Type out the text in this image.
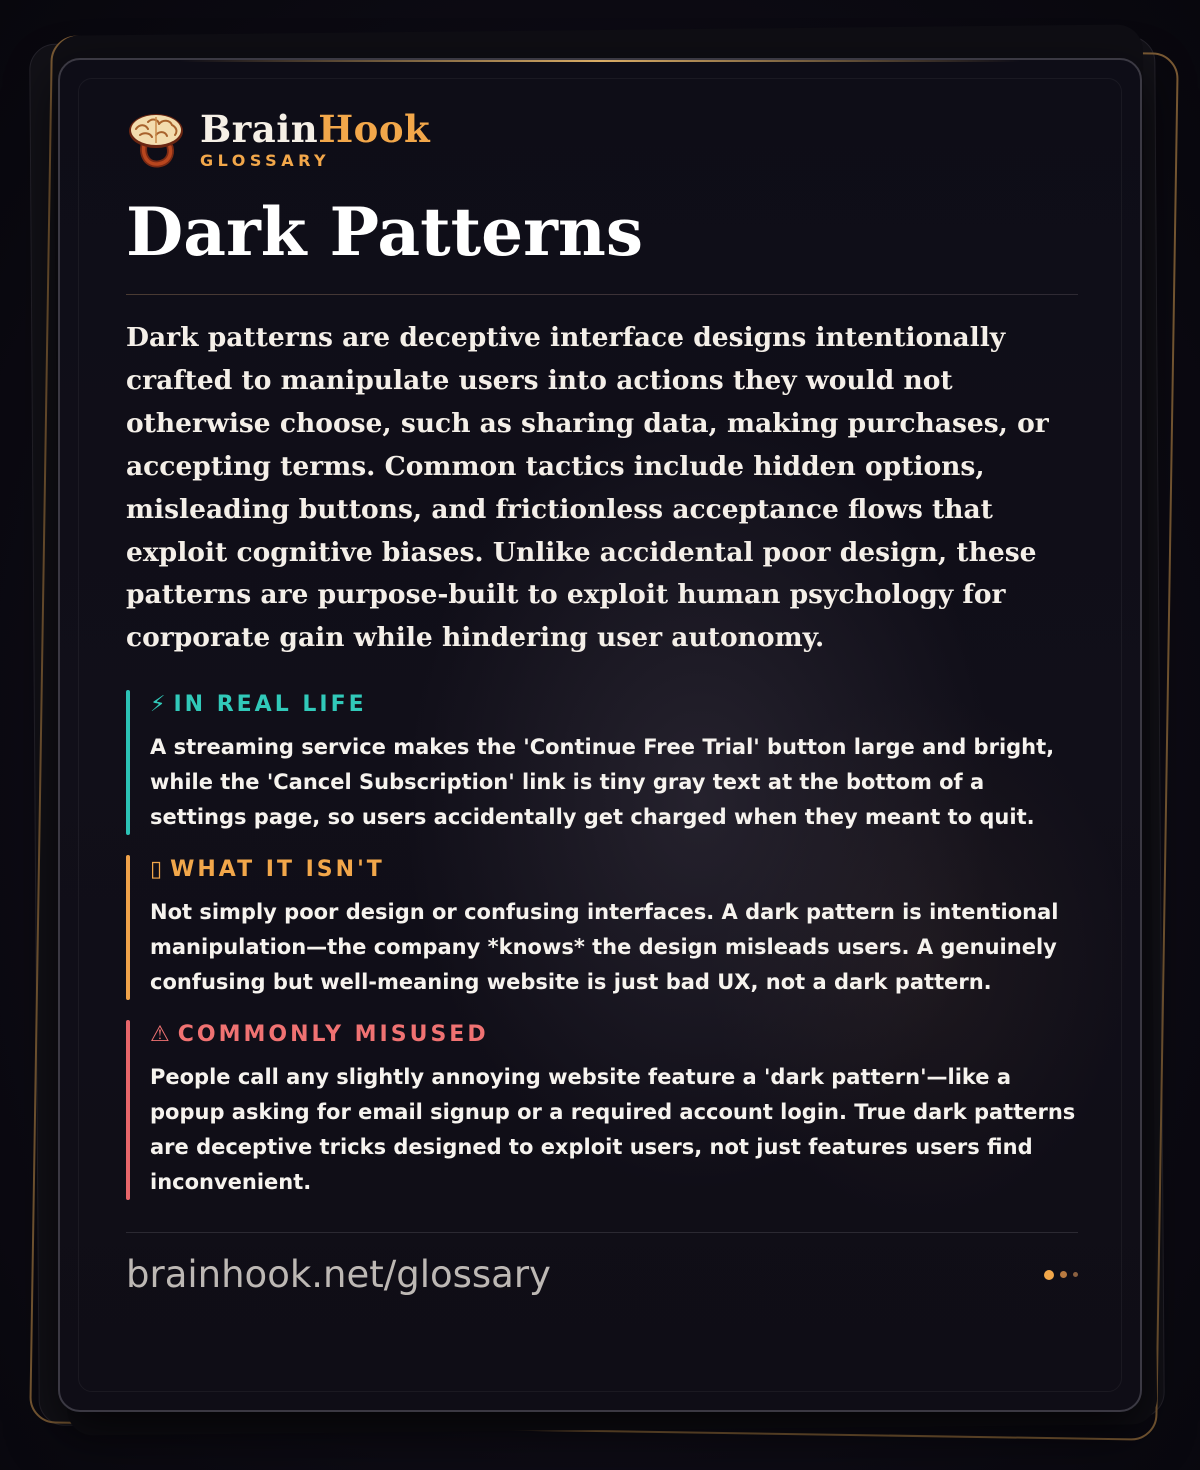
BrainHook
GLOSSARY
Dark Patterns

Dark patterns are deceptive interface designs intentionally crafted to manipulate users into actions they would not otherwise choose, such as sharing data, making purchases, or accepting terms. Common tactics include hidden options, misleading buttons, and frictionless acceptance flows that exploit cognitive biases. Unlike accidental poor design, these patterns are purpose-built to exploit human psychology for corporate gain while hindering user autonomy.

⚡ IN REAL LIFE
A streaming service makes the 'Continue Free Trial' button large and bright, while the 'Cancel Subscription' link is tiny gray text at the bottom of a settings page, so users accidentally get charged when they meant to quit.
▯ WHAT IT ISN'T
Not simply poor design or confusing interfaces. A dark pattern is intentional manipulation—the company *knows* the design misleads users. A genuinely confusing but well-meaning website is just bad UX, not a dark pattern.
⚠ COMMONLY MISUSED
People call any slightly annoying website feature a 'dark pattern'—like a popup asking for email signup or a required account login. True dark patterns are deceptive tricks designed to exploit users, not just features users find inconvenient.
brainhook.net/glossary
